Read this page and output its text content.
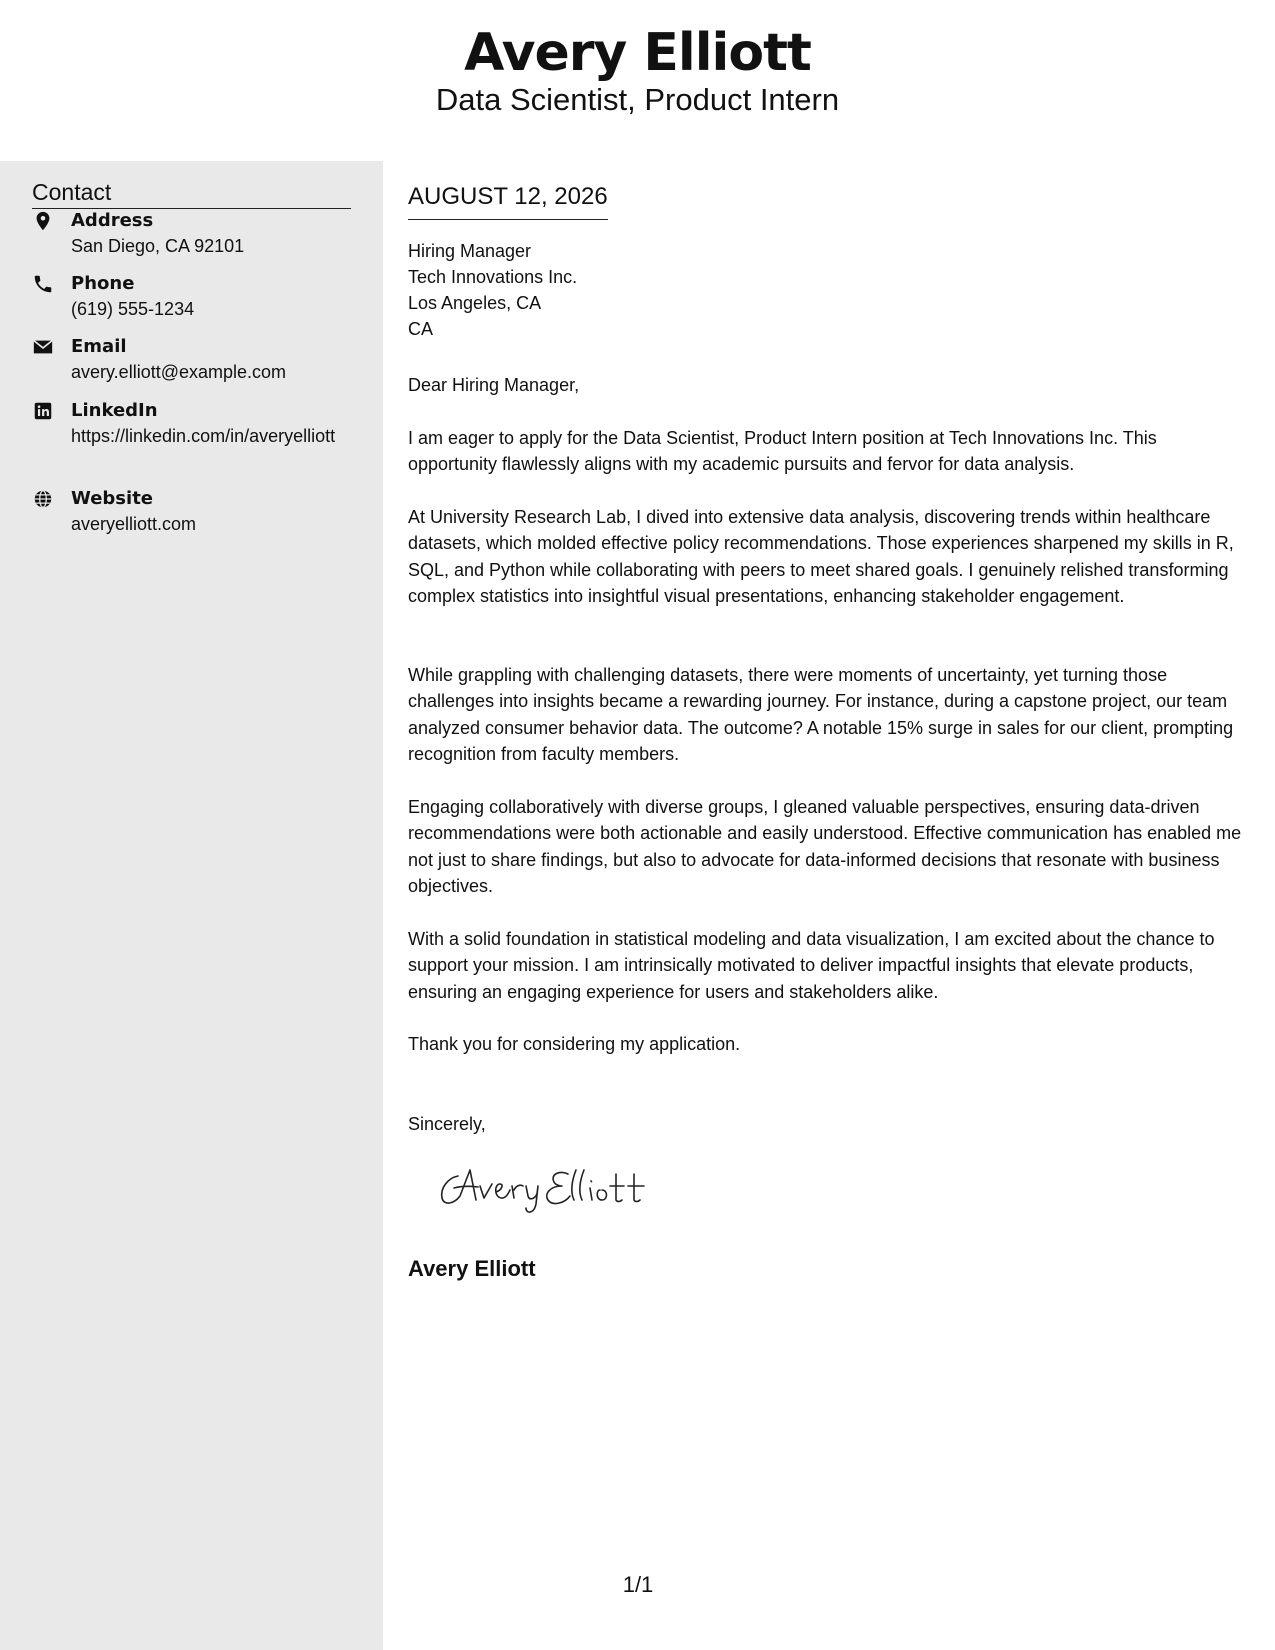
Avery Elliott
Data Scientist, Product Intern
Contact
Address
San Diego, CA 92101
Phone
(619) 555-1234
Email
avery.elliott@example.com
LinkedIn
https://linkedin.com/in/averyelliott
Website
averyelliott.com
AUGUST 12, 2026
Hiring Manager
Tech Innovations Inc.
Los Angeles, CA
CA
Dear Hiring Manager,
I am eager to apply for the Data Scientist, Product Intern position at Tech Innovations Inc. This opportunity flawlessly aligns with my academic pursuits and fervor for data analysis.
At University Research Lab, I dived into extensive data analysis, discovering trends within healthcare datasets, which molded effective policy recommendations. Those experiences sharpened my skills in R, SQL, and Python while collaborating with peers to meet shared goals. I genuinely relished transforming complex statistics into insightful visual presentations, enhancing stakeholder engagement.
While grappling with challenging datasets, there were moments of uncertainty, yet turning those challenges into insights became a rewarding journey. For instance, during a capstone project, our team analyzed consumer behavior data. The outcome? A notable 15% surge in sales for our client, prompting recognition from faculty members.
Engaging collaboratively with diverse groups, I gleaned valuable perspectives, ensuring data-driven recommendations were both actionable and easily understood. Effective communication has enabled me not just to share findings, but also to advocate for data-informed decisions that resonate with business objectives.
With a solid foundation in statistical modeling and data visualization, I am excited about the chance to support your mission. I am intrinsically motivated to deliver impactful insights that elevate products, ensuring an engaging experience for users and stakeholders alike.
Thank you for considering my application.
Sincerely,
Avery Elliott
1/1
